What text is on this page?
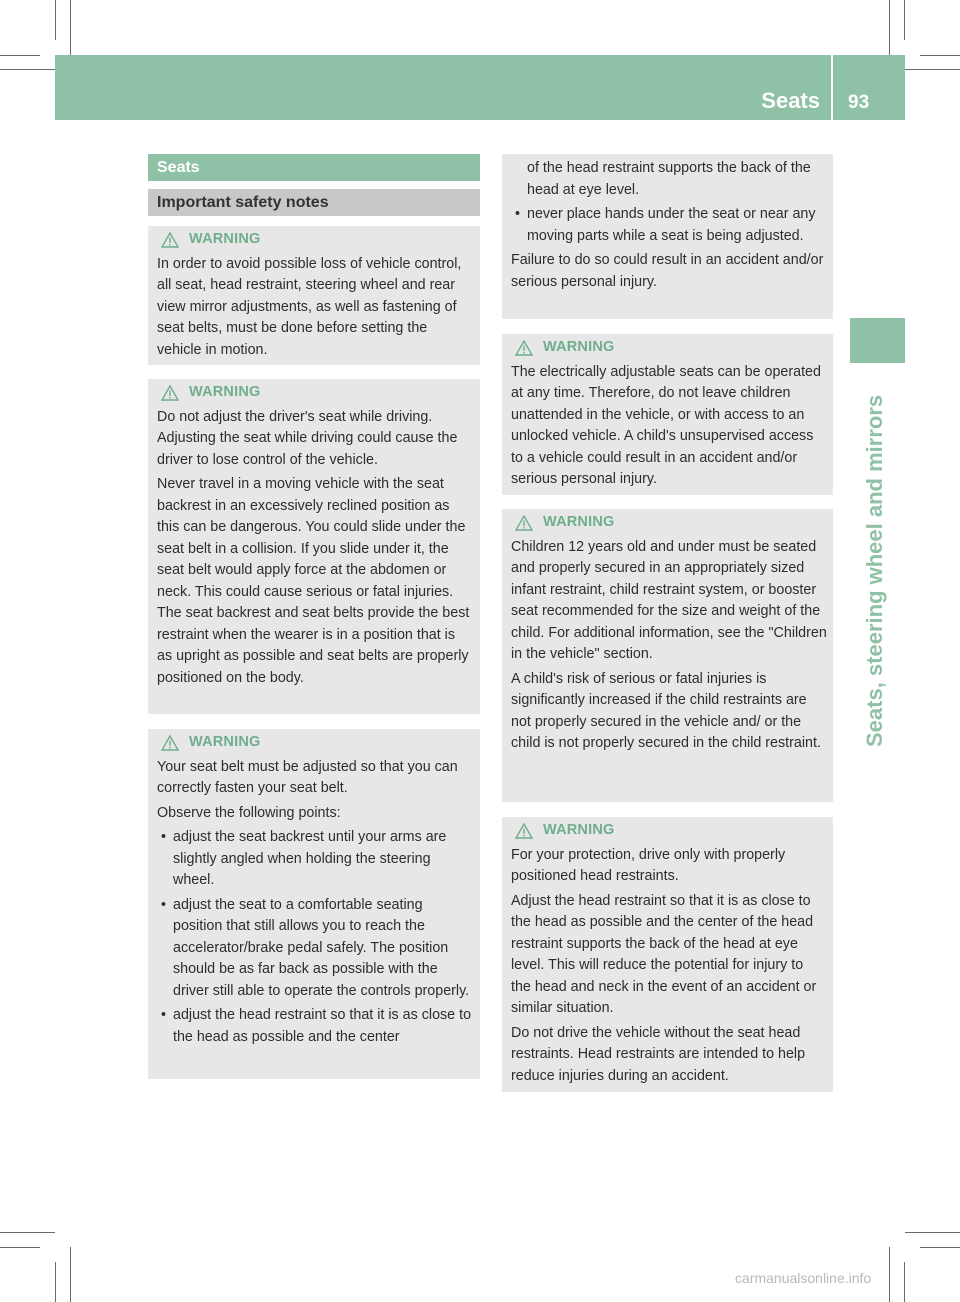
Seats 93
Seats, steering wheel and mirrors
Seats
Important safety notes
WARNING
In order to avoid possible loss of vehicle control, all seat, head restraint, steering wheel and rear view mirror adjustments, as well as fastening of seat belts, must be done before setting the vehicle in motion.
WARNING
Do not adjust the driver's seat while driving. Adjusting the seat while driving could cause the driver to lose control of the vehicle.
Never travel in a moving vehicle with the seat backrest in an excessively reclined position as this can be dangerous. You could slide under the seat belt in a collision. If you slide under it, the seat belt would apply force at the abdomen or neck. This could cause serious or fatal injuries. The seat backrest and seat belts provide the best restraint when the wearer is in a position that is as upright as possible and seat belts are properly positioned on the body.
WARNING
Your seat belt must be adjusted so that you can correctly fasten your seat belt.
Observe the following points:
• adjust the seat backrest until your arms are slightly angled when holding the steering wheel.
• adjust the seat to a comfortable seating position that still allows you to reach the accelerator/brake pedal safely. The position should be as far back as possible with the driver still able to operate the controls properly.
• adjust the head restraint so that it is as close to the head as possible and the center
of the head restraint supports the back of the head at eye level.
• never place hands under the seat or near any moving parts while a seat is being adjusted.
Failure to do so could result in an accident and/or serious personal injury.
WARNING
The electrically adjustable seats can be operated at any time. Therefore, do not leave children unattended in the vehicle, or with access to an unlocked vehicle. A child's unsupervised access to a vehicle could result in an accident and/or serious personal injury.
WARNING
Children 12 years old and under must be seated and properly secured in an appropriately sized infant restraint, child restraint system, or booster seat recommended for the size and weight of the child. For additional information, see the "Children in the vehicle" section.
A child's risk of serious or fatal injuries is significantly increased if the child restraints are not properly secured in the vehicle and/ or the child is not properly secured in the child restraint.
WARNING
For your protection, drive only with properly positioned head restraints.
Adjust the head restraint so that it is as close to the head as possible and the center of the head restraint supports the back of the head at eye level. This will reduce the potential for injury to the head and neck in the event of an accident or similar situation.
Do not drive the vehicle without the seat head restraints. Head restraints are intended to help reduce injuries during an accident.
carmanualsonline.info
